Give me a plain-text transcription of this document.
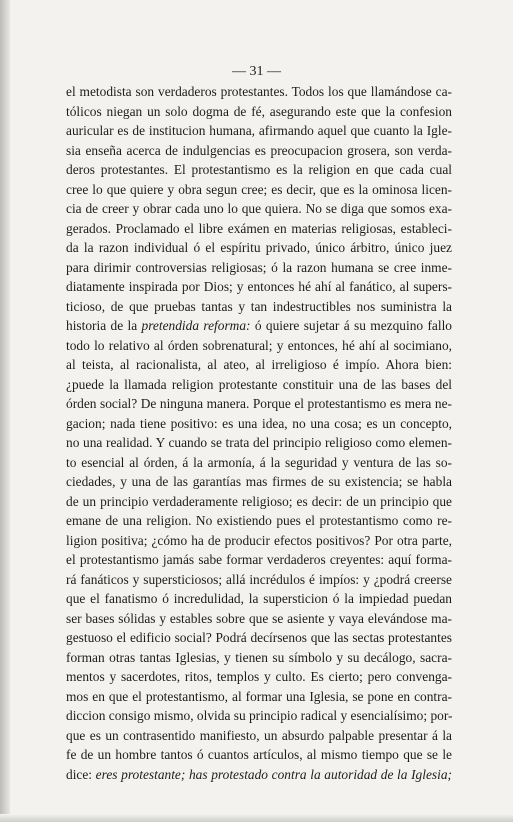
— 31 —
el metodista son verdaderos protestantes. Todos los que llamándose ca-
tólicos niegan un solo dogma de fé, asegurando este que la confesion
auricular es de institucion humana, afirmando aquel que cuanto la Igle-
sia enseña acerca de indulgencias es preocupacion grosera, son verda-
deros protestantes. El protestantismo es la religion en que cada cual
cree lo que quiere y obra segun cree; es decir, que es la ominosa licen-
cia de creer y obrar cada uno lo que quiera. No se diga que somos exa-
gerados. Proclamado el libre exámen en materias religiosas, estableci-
da la razon individual ó el espíritu privado, único árbitro, único juez
para dirimir controversias religiosas; ó la razon humana se cree inme-
diatamente inspirada por Dios; y entonces hé ahí al fanático, al supers-
ticioso, de que pruebas tantas y tan indestructibles nos suministra la
historia de la pretendida reforma: ó quiere sujetar á su mezquino fallo
todo lo relativo al órden sobrenatural; y entonces, hé ahí al socimiano,
al teista, al racionalista, al ateo, al irreligioso é impío. Ahora bien:
¿puede la llamada religion protestante constituir una de las bases del
órden social? De ninguna manera. Porque el protestantismo es mera ne-
gacion; nada tiene positivo: es una idea, no una cosa; es un concepto,
no una realidad. Y cuando se trata del principio religioso como elemen-
to esencial al órden, á la armonía, á la seguridad y ventura de las so-
ciedades, y una de las garantías mas firmes de su existencia; se habla
de un principio verdaderamente religioso; es decir: de un principio que
emane de una religion. No existiendo pues el protestantismo como re-
ligion positiva; ¿cómo ha de producir efectos positivos? Por otra parte,
el protestantismo jamás sabe formar verdaderos creyentes: aquí forma-
rá fanáticos y supersticiosos; allá incrédulos é impíos: y ¿podrá creerse
que el fanatismo ó incredulidad, la supersticion ó la impiedad puedan
ser bases sólidas y estables sobre que se asiente y vaya elevándose ma-
gestuoso el edificio social? Podrá decírsenos que las sectas protestantes
forman otras tantas Iglesias, y tienen su símbolo y su decálogo, sacra-
mentos y sacerdotes, ritos, templos y culto. Es cierto; pero convenga-
mos en que el protestantismo, al formar una Iglesia, se pone en contra-
diccion consigo mismo, olvida su principio radical y esencialísimo; por-
que es un contrasentido manifiesto, un absurdo palpable presentar á la
fe de un hombre tantos ó cuantos artículos, al mismo tiempo que se le
dice: eres protestante; has protestado contra la autoridad de la Iglesia;
